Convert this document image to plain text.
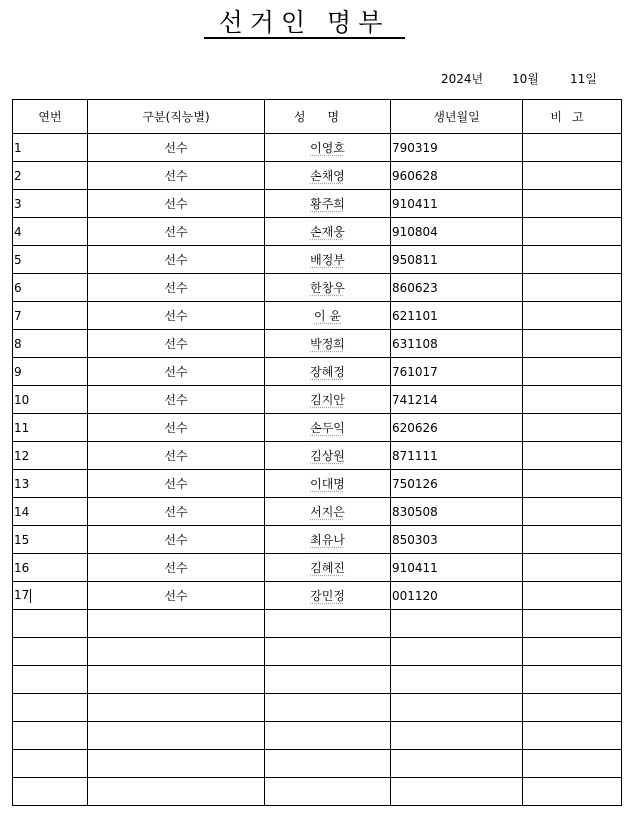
선거인 명부
2024년 10월	11일
연번	구분(직능별)	성명	생년월일	비고
1	선수	이영호	790319	
2	선수	손채영	960628	
3	선수	황주희	910411	
4	선수	손재웅	910804	
5	선수	배정부	950811	
6	선수	한창우	860623	
7	선수	이 윤	621101	
8	선수	박정희	631108	
9	선수	장혜정	761017	
10	선수	김지안	741214	
11	선수	손두익	620626	
12	선수	김상원	871111	
13	선수	이대명	750126	
14	선수	서지은	830508	
15	선수	최유나	850303	
16	선수	김혜진	910411	
17	선수	강민정	001120	
